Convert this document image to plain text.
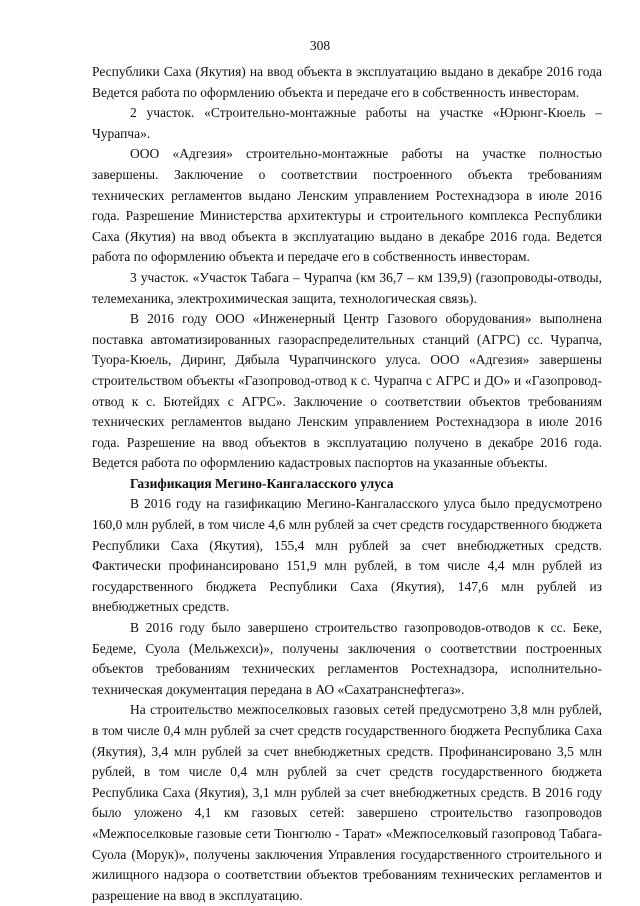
308

Республики Саха (Якутия) на ввод объекта в эксплуатацию выдано в декабре 2016 года Ведется работа по оформлению объекта и передаче его в собственность инвесторам.

2 участок. «Строительно-монтажные работы на участке «Юрюнг-Кюель – Чурапча».

ООО «Адгезия» строительно-монтажные работы на участке полностью завершены. Заключение о соответствии построенного объекта требованиям технических регламентов выдано Ленским управлением Ростехнадзора в июле 2016 года. Разрешение Министерства архитектуры и строительного комплекса Республики Саха (Якутия) на ввод объекта в эксплуатацию выдано в декабре 2016 года. Ведется работа по оформлению объекта и передаче его в собственность инвесторам.

3 участок. «Участок Табага – Чурапча (км 36,7 – км 139,9) (газопроводы-отводы, телемеханика, электрохимическая защита, технологическая связь).

В 2016 году ООО «Инженерный Центр Газового оборудования» выполнена поставка автоматизированных газораспределительных станций (АГРС) сс. Чурапча, Туора-Кюель, Диринг, Дябыла Чурапчинского улуса. ООО «Адгезия» завершены строительством объекты «Газопровод-отвод к с. Чурапча с АГРС и ДО» и «Газопровод-отвод к с. Бютейдях с АГРС». Заключение о соответствии объектов требованиям технических регламентов выдано Ленским управлением Ростехнадзора в июле 2016 года. Разрешение на ввод объектов в эксплуатацию получено в декабре 2016 года. Ведется работа по оформлению кадастровых паспортов на указанные объекты.

Газификация Мегино-Кангаласского улуса

В 2016 году на газификацию Мегино-Кангаласского улуса было предусмотрено 160,0 млн рублей, в том числе 4,6 млн рублей за счет средств государственного бюджета Республики Саха (Якутия), 155,4 млн рублей за счет внебюджетных средств. Фактически профинансировано 151,9 млн рублей, в том числе 4,4 млн рублей из государственного бюджета Республики Саха (Якутия), 147,6 млн рублей из внебюджетных средств.

В 2016 году было завершено строительство газопроводов-отводов к сс. Беке, Бедеме, Суола (Мельжехси)», получены заключения о соответствии построенных объектов требованиям технических регламентов Ростехнадзора, исполнительно-техническая документация передана в АО «Сахатранснефтегаз».

На строительство межпоселковых газовых сетей предусмотрено 3,8 млн рублей, в том числе 0,4 млн рублей за счет средств государственного бюджета Республика Саха (Якутия), 3,4 млн рублей за счет внебюджетных средств. Профинансировано 3,5 млн рублей, в том числе 0,4 млн рублей за счет средств государственного бюджета Республика Саха (Якутия), 3,1 млн рублей за счет внебюджетных средств. В 2016 году было уложено 4,1 км газовых сетей: завершено строительство газопроводов «Межпоселковые газовые сети Тюнгюлю - Тарат» «Межпоселковый газопровод Табага-Суола (Морук)», получены заключения Управления государственного строительного и жилищного надзора о соответствии объектов требованиям технических регламентов и разрешение на ввод в эксплуатацию.
